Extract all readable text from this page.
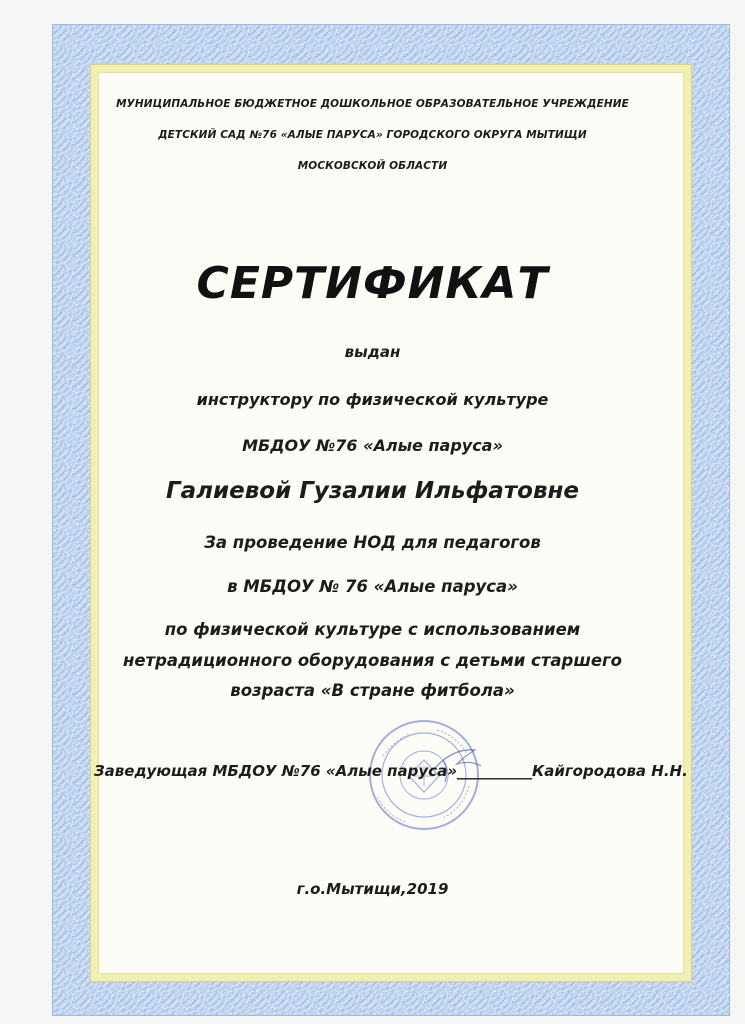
МУНИЦИПАЛЬНОЕ БЮДЖЕТНОЕ ДОШКОЛЬНОЕ ОБРАЗОВАТЕЛЬНОЕ УЧРЕЖДЕНИЕ
ДЕТСКИЙ САД №76 «АЛЫЕ ПАРУСА» ГОРОДСКОГО ОКРУГА МЫТИЩИ
МОСКОВСКОЙ ОБЛАСТИ
СЕРТИФИКАТ
выдан
инструктору по физической культуре
МБДОУ №76 «Алые паруса»
Галиевой Гузалии Ильфатовне
За проведение НОД для педагогов
в МБДОУ № 76 «Алые паруса»
по физической культуре с использованием
нетрадиционного оборудования с детьми старшего
возраста «В стране фитбола»
Заведующая МБДОУ №76 «Алые паруса»__________Кайгородова Н.Н.
г.о.Мытищи,2019
